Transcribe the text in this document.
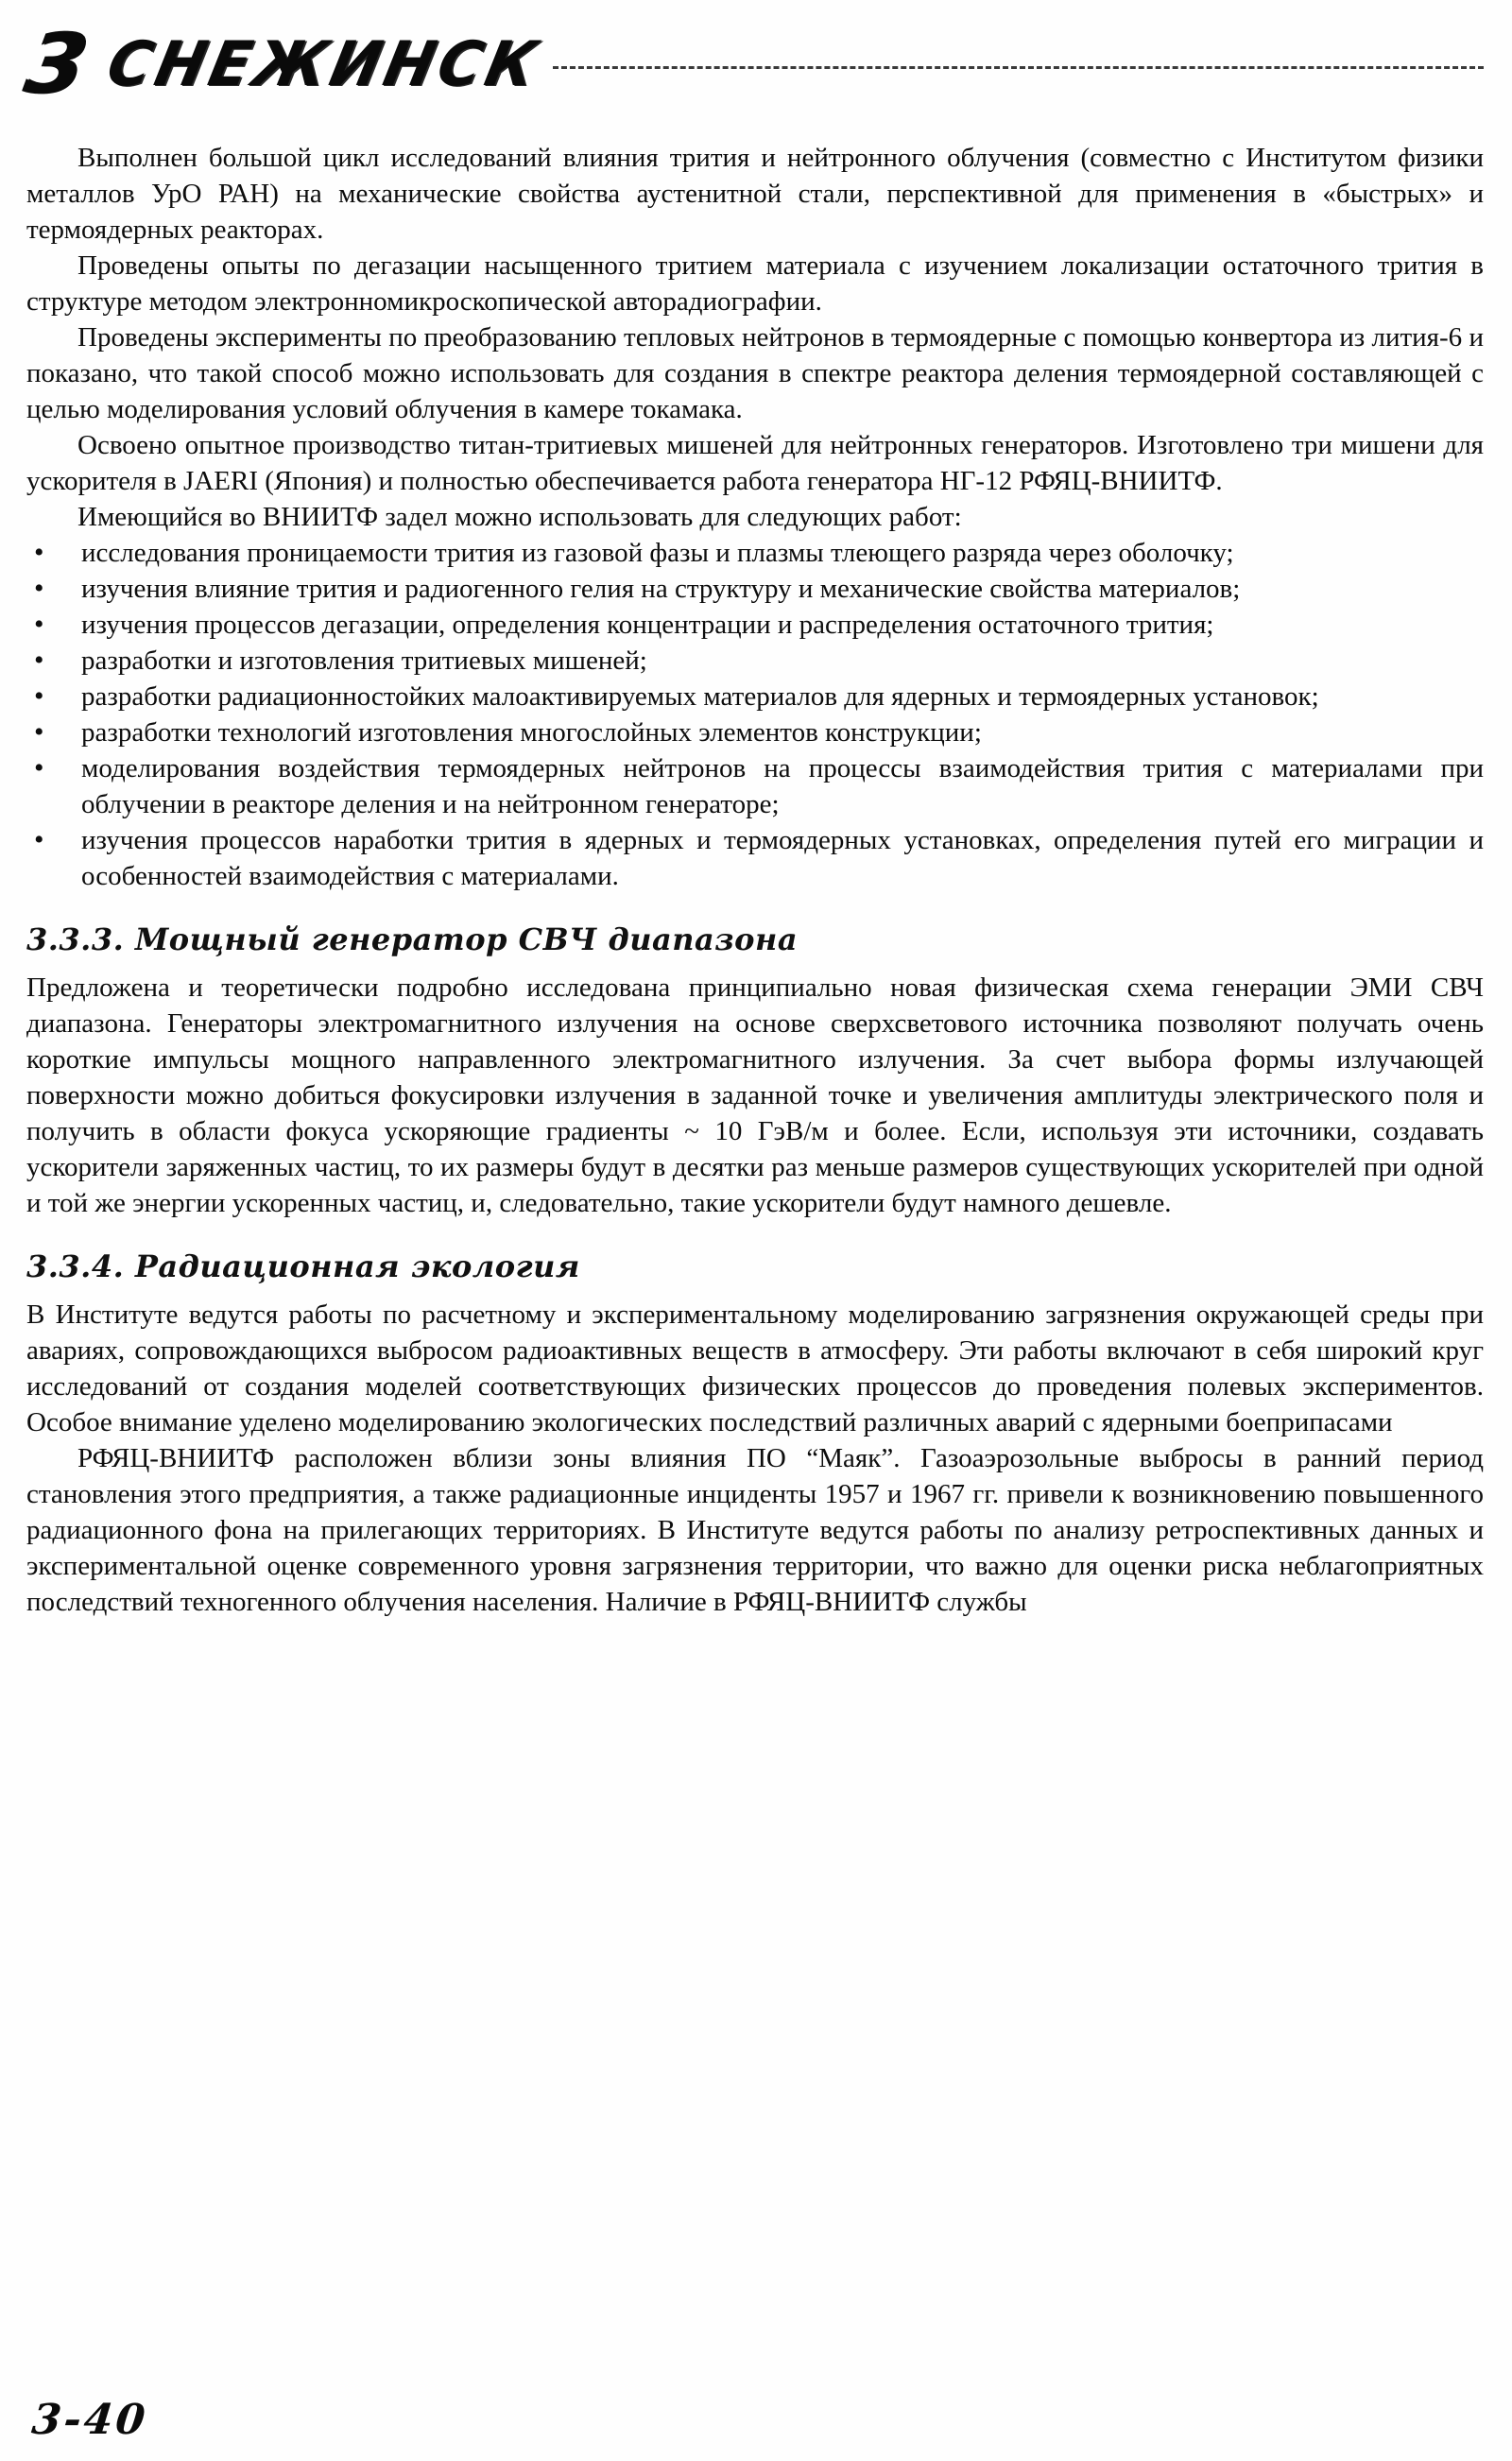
3 СНЕЖИНСК

Выполнен большой цикл исследований влияния трития и нейтронного облучения (совместно с Институтом физики металлов УрО РАН) на механические свойства аустенитной стали, перспективной для применения в «быстрых» и термоядерных реакторах.

Проведены опыты по дегазации насыщенного тритием материала с изучением локализации остаточного трития в структуре методом электронномикроскопической авторадиографии.

Проведены эксперименты по преобразованию тепловых нейтронов в термоядерные с помощью конвертора из лития-6 и показано, что такой способ можно использовать для создания в спектре реактора деления термоядерной составляющей с целью моделирования условий облучения в камере токамака.

Освоено опытное производство титан-тритиевых мишеней для нейтронных генераторов. Изготовлено три мишени для ускорителя в JAERI (Япония) и полностью обеспечивается работа генератора НГ-12 РФЯЦ-ВНИИТФ.

Имеющийся во ВНИИТФ задел можно использовать для следующих работ:

• исследования проницаемости трития из газовой фазы и плазмы тлеющего разряда через оболочку;
• изучения влияние трития и радиогенного гелия на структуру и механические свойства материалов;
• изучения процессов дегазации, определения концентрации и распределения остаточного трития;
• разработки и изготовления тритиевых мишеней;
• разработки радиационностойких малоактивируемых материалов для ядерных и термоядерных установок;
• разработки технологий изготовления многослойных элементов конструкции;
• моделирования воздействия термоядерных нейтронов на процессы взаимодействия трития с материалами при облучении в реакторе деления и на нейтронном генераторе;
• изучения процессов наработки трития в ядерных и термоядерных установках, определения путей его миграции и особенностей взаимодействия с материалами.
3.3.3. Мощный генератор СВЧ диапазона

Предложена и теоретически подробно исследована принципиально новая физическая схема генерации ЭМИ СВЧ диапазона. Генераторы электромагнитного излучения на основе сверхсветового источника позволяют получать очень короткие импульсы мощного направленного электромагнитного излучения. За счет выбора формы излучающей поверхности можно добиться фокусировки излучения в заданной точке и увеличения амплитуды электрического поля и получить в области фокуса ускоряющие градиенты ~ 10 ГэВ/м и более. Если, используя эти источники, создавать ускорители заряженных частиц, то их размеры будут в десятки раз меньше размеров существующих ускорителей при одной и той же энергии ускоренных частиц, и, следовательно, такие ускорители будут намного дешевле.

3.3.4. Радиационная экология

В Институте ведутся работы по расчетному и экспериментальному моделированию загрязнения окружающей среды при авариях, сопровождающихся выбросом радиоактивных веществ в атмосферу. Эти работы включают в себя широкий круг исследований от создания моделей соответствующих физических процессов до проведения полевых экспериментов. Особое внимание уделено моделированию экологических последствий различных аварий с ядерными боеприпасами

РФЯЦ-ВНИИТФ расположен вблизи зоны влияния ПО “Маяк”. Газоаэрозольные выбросы в ранний период становления этого предприятия, а также радиационные инциденты 1957 и 1967 гг. привели к возникновению повышенного радиационного фона на прилегающих территориях. В Институте ведутся работы по анализу ретроспективных данных и экспериментальной оценке современного уровня загрязнения территории, что важно для оценки риска неблагоприятных последствий техногенного облучения населения. Наличие в РФЯЦ-ВНИИТФ службы

3-40
